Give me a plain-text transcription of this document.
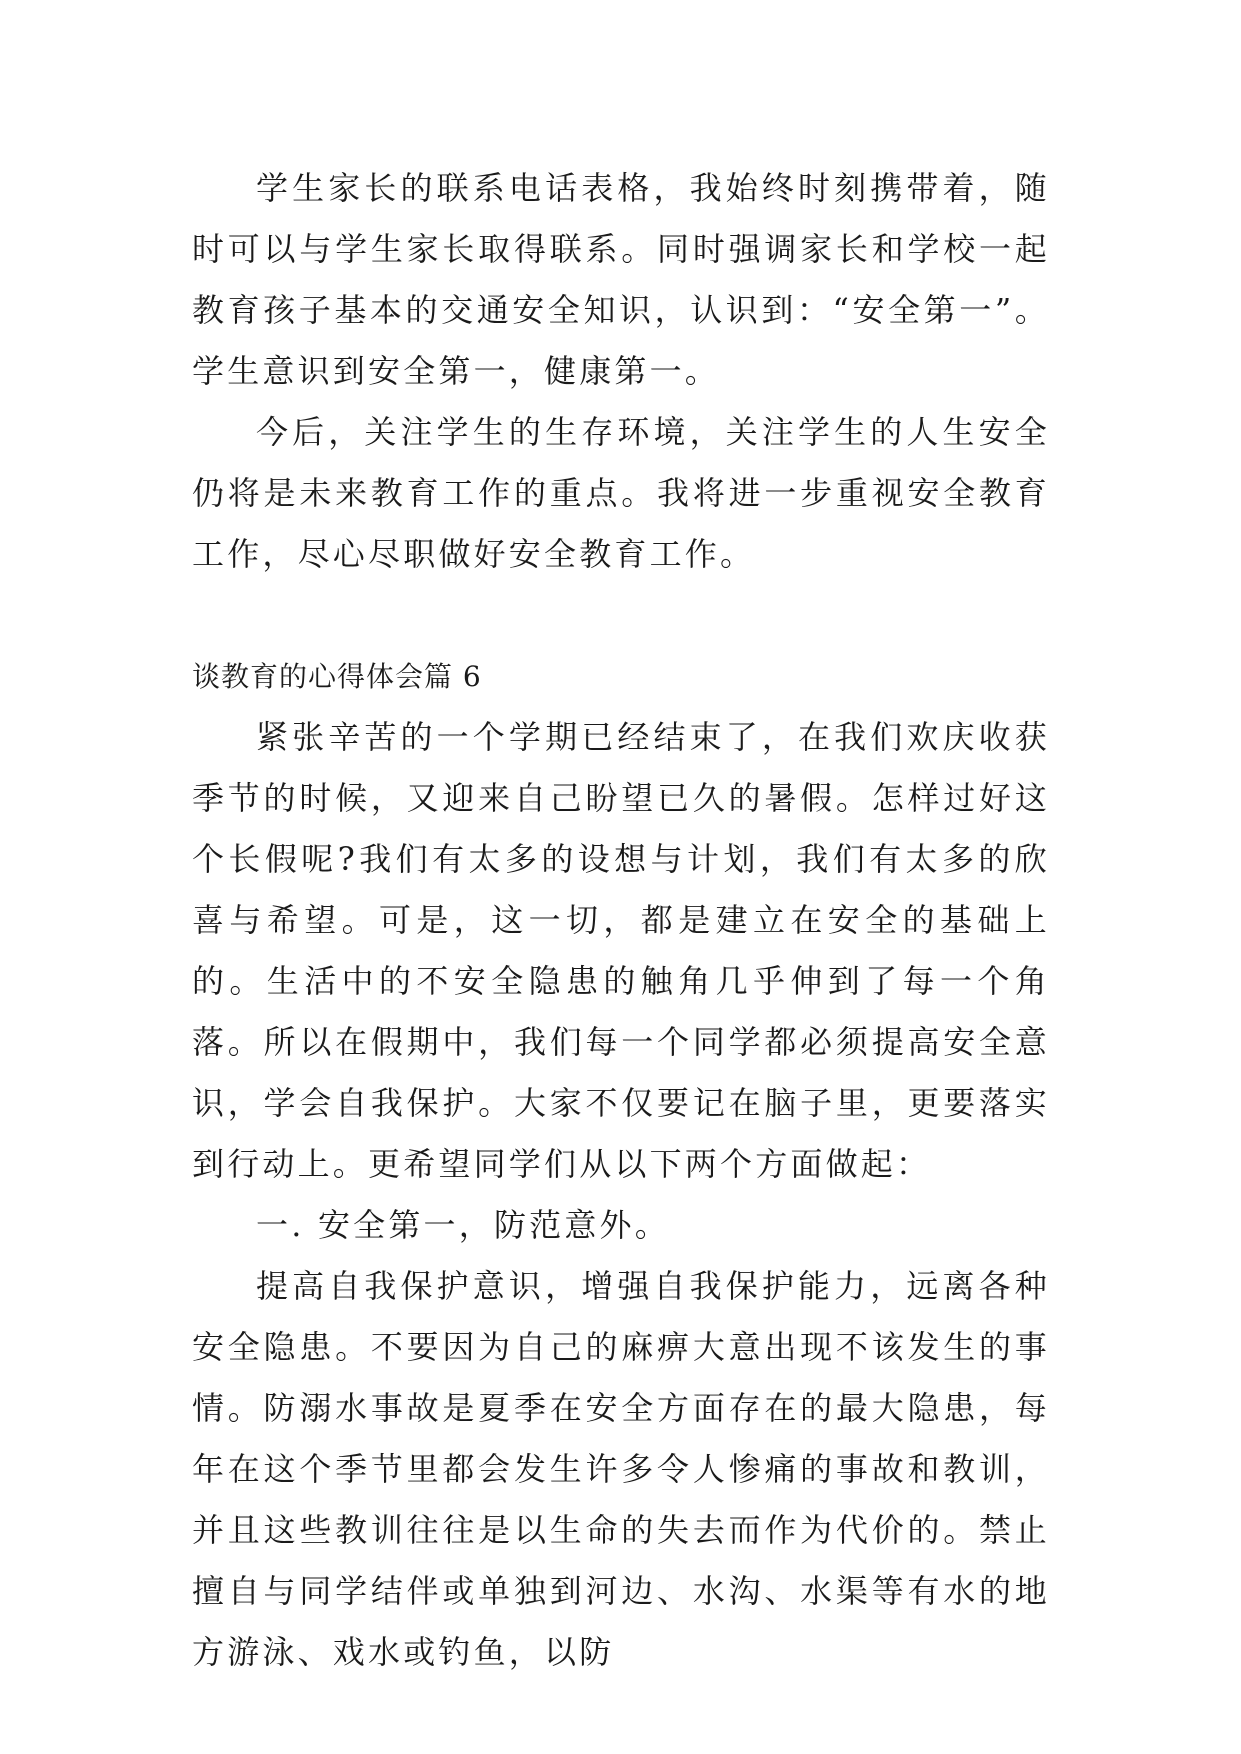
学生家长的联系电话表格，我始终时刻携带着，随时可以与学生家长取得联系。同时强调家长和学校一起教育孩子基本的交通安全知识，认识到：“安全第一”。学生意识到安全第一，健康第一。

今后，关注学生的生存环境，关注学生的人生安全仍将是未来教育工作的重点。我将进一步重视安全教育工作，尽心尽职做好安全教育工作。

谈教育的心得体会篇 6

紧张辛苦的一个学期已经结束了，在我们欢庆收获季节的时候，又迎来自己盼望已久的暑假。怎样过好这个长假呢?我们有太多的设想与计划，我们有太多的欣喜与希望。可是，这一切，都是建立在安全的基础上的。生活中的不安全隐患的触角几乎伸到了每一个角落。所以在假期中，我们每一个同学都必须提高安全意识，学会自我保护。大家不仅要记在脑子里，更要落实到行动上。更希望同学们从以下两个方面做起：

一. 安全第一，防范意外。

提高自我保护意识，增强自我保护能力，远离各种安全隐患。不要因为自己的麻痹大意出现不该发生的事情。防溺水事故是夏季在安全方面存在的最大隐患，每年在这个季节里都会发生许多令人惨痛的事故和教训，并且这些教训往往是以生命的失去而作为代价的。禁止擅自与同学结伴或单独到河边、水沟、水渠等有水的地方游泳、戏水或钓鱼，以防
